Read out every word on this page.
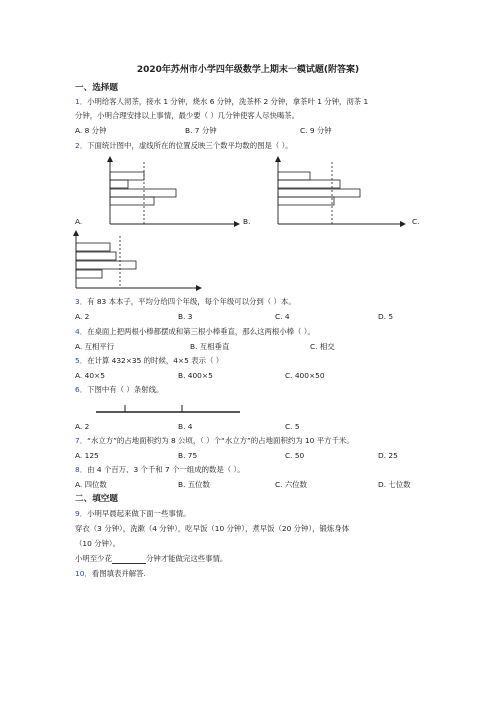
2020年苏州市小学四年级数学上期末一模试题(附答案)
一、选择题
1．小明给客人沏茶，接水 1 分钟，烧水 6 分钟，洗茶杯 2 分钟，拿茶叶 1 分钟，沏茶 1
分钟，小明合理安排以上事情，最少要（ ）几分钟使客人尽快喝茶。
A. 8 分钟	B. 7 分钟	C. 9 分钟
2．下面统计图中，虚线所在的位置反映三个数平均数的图是（ ）。
A.	B.	C.
3．有 83 本本子，平均分给四个年级，每个年级可以分到（ ）本。
A. 2	B. 3	C. 4	D. 5
4．在桌面上把两根小棒都摆成和第三根小棒垂直，那么这两根小棒（ ）。
A. 互相平行	B. 互相垂直	C. 相交
5．在计算 432×35 的时候，4×5 表示（ ）
A. 40×5	B. 400×5	C. 400×50
6．下图中有（ ）条射线。
A. 2	B. 4	C. 5
7．“水立方”的占地面积约为 8 公顷，（ ）个“水立方”的占地面积约为 10 平方千米。
A. 125	B. 75	C. 50	D. 25
8．由 4 个百万、3 个千和 7 个一组成的数是（ ）。
A. 四位数	B. 五位数	C. 六位数	D. 七位数
二、填空题
9．小明早晨起来做下面一些事情。
穿衣（3 分钟），洗漱（4 分钟），吃早饭（10 分钟），煮早饭（20 分钟），锻炼身体
（10 分钟）。
小明至少花	分钟才能做完这些事情。
10．看图填表并解答.
